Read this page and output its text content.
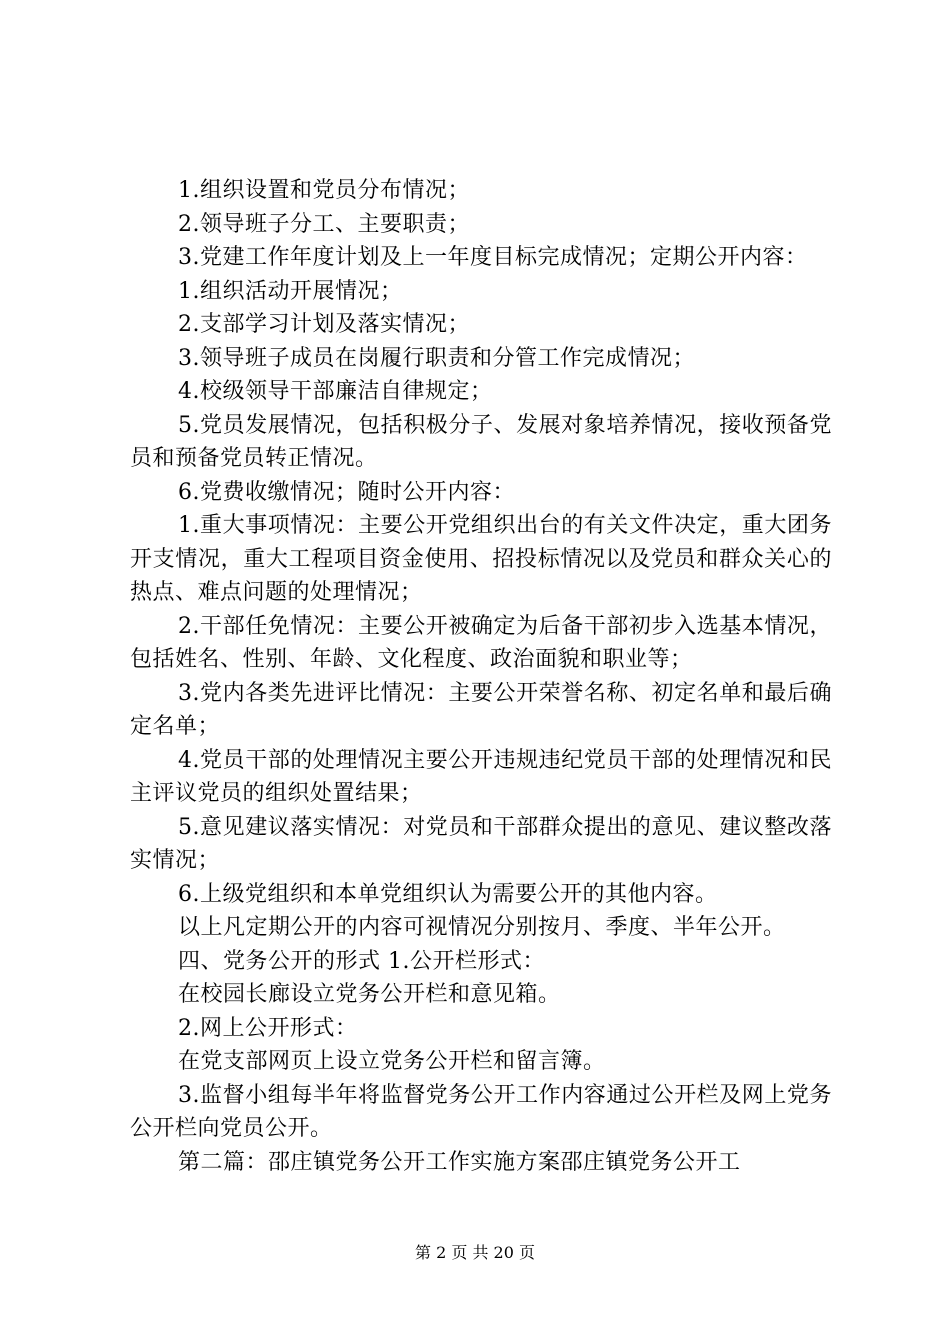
1.组织设置和党员分布情况；

2.领导班子分工、主要职责；

3.党建工作年度计划及上一年度目标完成情况；定期公开内容：

1.组织活动开展情况；

2.支部学习计划及落实情况；

3.领导班子成员在岗履行职责和分管工作完成情况；

4.校级领导干部廉洁自律规定；

5.党员发展情况，包括积极分子、发展对象培养情况，接收预备党员和预备党员转正情况。

6.党费收缴情况；随时公开内容：

1.重大事项情况：主要公开党组织出台的有关文件决定，重大团务开支情况，重大工程项目资金使用、招投标情况以及党员和群众关心的热点、难点问题的处理情况；

2.干部任免情况：主要公开被确定为后备干部初步入选基本情况，包括姓名、性别、年龄、文化程度、政治面貌和职业等；

3.党内各类先进评比情况：主要公开荣誉名称、初定名单和最后确定名单；

4.党员干部的处理情况主要公开违规违纪党员干部的处理情况和民主评议党员的组织处置结果；

5.意见建议落实情况：对党员和干部群众提出的意见、建议整改落实情况；

6.上级党组织和本单党组织认为需要公开的其他内容。

以上凡定期公开的内容可视情况分别按月、季度、半年公开。

四、党务公开的形式 1.公开栏形式：

在校园长廊设立党务公开栏和意见箱。

2.网上公开形式：

在党支部网页上设立党务公开栏和留言簿。

3.监督小组每半年将监督党务公开工作内容通过公开栏及网上党务公开栏向党员公开。

第二篇：邵庄镇党务公开工作实施方案邵庄镇党务公开工

第 2 页 共 20 页
